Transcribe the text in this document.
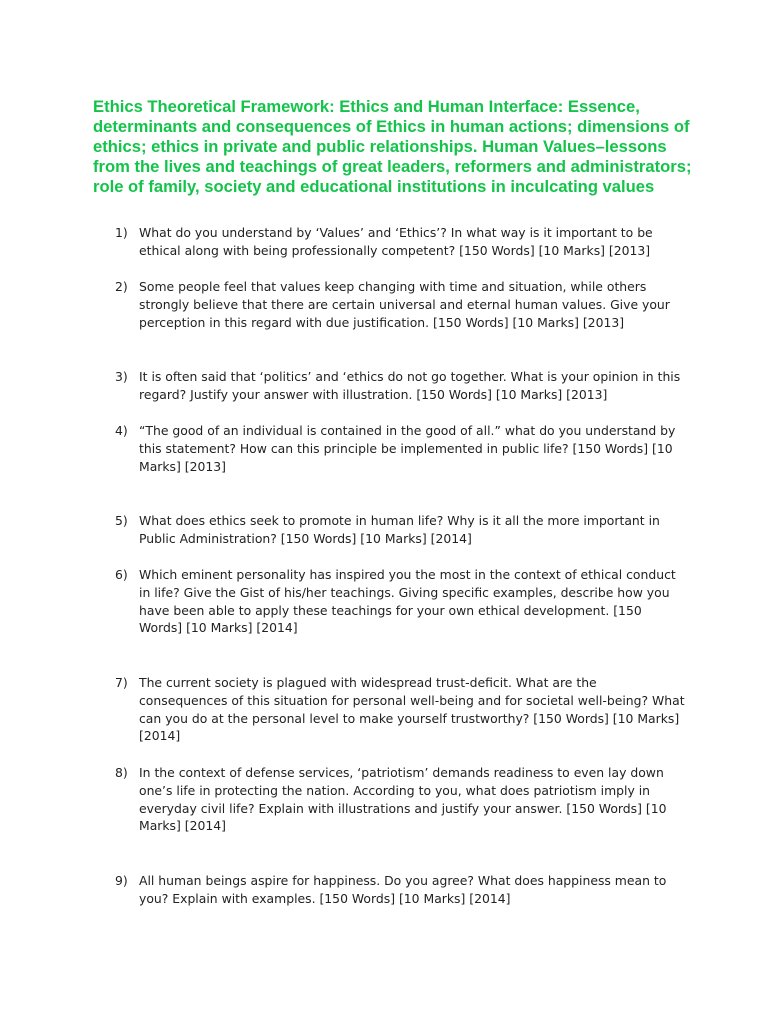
Ethics Theoretical Framework: Ethics and Human Interface: Essence, determinants and consequences of Ethics in human actions; dimensions of ethics; ethics in private and public relationships. Human Values–lessons from the lives and teachings of great leaders, reformers and administrators; role of family, society and educational institutions in inculcating values
1) What do you understand by ‘Values’ and ‘Ethics’? In what way is it important to be ethical along with being professionally competent? [150 Words] [10 Marks] [2013]
2) Some people feel that values keep changing with time and situation, while others strongly believe that there are certain universal and eternal human values. Give your perception in this regard with due justification. [150 Words] [10 Marks] [2013]
3) It is often said that ‘politics’ and ‘ethics do not go together. What is your opinion in this regard? Justify your answer with illustration. [150 Words] [10 Marks] [2013]
4) “The good of an individual is contained in the good of all.” what do you understand by this statement? How can this principle be implemented in public life? [150 Words] [10 Marks] [2013]
5) What does ethics seek to promote in human life? Why is it all the more important in Public Administration? [150 Words] [10 Marks] [2014]
6) Which eminent personality has inspired you the most in the context of ethical conduct in life? Give the Gist of his/her teachings. Giving specific examples, describe how you have been able to apply these teachings for your own ethical development. [150 Words] [10 Marks] [2014]
7) The current society is plagued with widespread trust-deficit. What are the consequences of this situation for personal well-being and for societal well-being? What can you do at the personal level to make yourself trustworthy? [150 Words] [10 Marks] [2014]
8) In the context of defense services, ‘patriotism’ demands readiness to even lay down one’s life in protecting the nation. According to you, what does patriotism imply in everyday civil life? Explain with illustrations and justify your answer. [150 Words] [10 Marks] [2014]
9) All human beings aspire for happiness. Do you agree? What does happiness mean to you? Explain with examples. [150 Words] [10 Marks] [2014]
